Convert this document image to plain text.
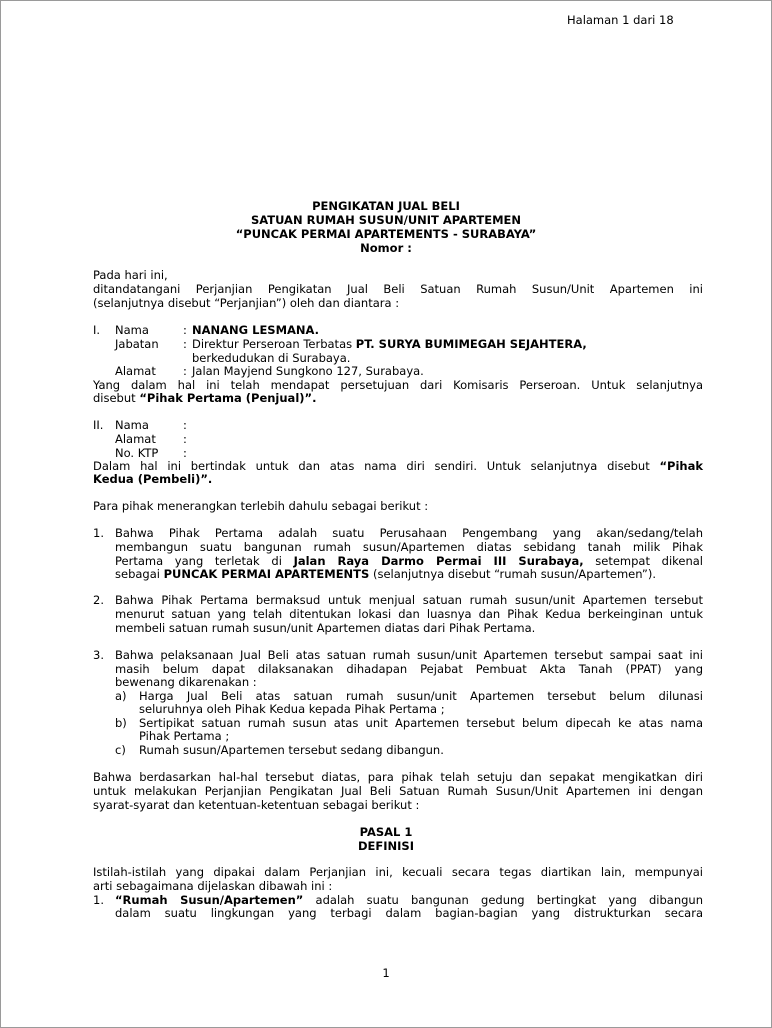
Halaman 1 dari 18
PENGIKATAN JUAL BELI
SATUAN RUMAH SUSUN/UNIT APARTEMEN
“PUNCAK PERMAI APARTEMENTS - SURABAYA”
Nomor :
Pada hari ini,
ditandatangani Perjanjian Pengikatan Jual Beli Satuan Rumah Susun/Unit Apartemen ini
(selanjutnya disebut “Perjanjian”) oleh dan diantara :
I. Nama	: NANANG LESMANA.
Jabatan : Direktur Perseroan Terbatas PT. SURYA BUMIMEGAH SEJAHTERA,
berkedudukan di Surabaya.
Alamat : Jalan Mayjend Sungkono 127, Surabaya.
Yang dalam hal ini telah mendapat persetujuan dari Komisaris Perseroan. Untuk selanjutnya
disebut “Pihak Pertama (Penjual)”.
II. Nama	:
Alamat :
No. KTP :
Dalam hal ini bertindak untuk dan atas nama diri sendiri. Untuk selanjutnya disebut “Pihak
Kedua (Pembeli)”.
Para pihak menerangkan terlebih dahulu sebagai berikut :
1. Bahwa Pihak Pertama adalah suatu Perusahaan Pengembang yang akan/sedang/telah
membangun suatu bangunan rumah susun/Apartemen diatas sebidang tanah milik Pihak
Pertama yang terletak di Jalan Raya Darmo Permai III Surabaya, setempat dikenal
sebagai PUNCAK PERMAI APARTEMENTS (selanjutnya disebut “rumah susun/Apartemen”).
2. Bahwa Pihak Pertama bermaksud untuk menjual satuan rumah susun/unit Apartemen tersebut
menurut satuan yang telah ditentukan lokasi dan luasnya dan Pihak Kedua berkeinginan untuk
membeli satuan rumah susun/unit Apartemen diatas dari Pihak Pertama.
3. Bahwa pelaksanaan Jual Beli atas satuan rumah susun/unit Apartemen tersebut sampai saat ini
masih belum dapat dilaksanakan dihadapan Pejabat Pembuat Akta Tanah (PPAT) yang
bewenang dikarenakan :
a) Harga Jual Beli atas satuan rumah susun/unit Apartemen tersebut belum dilunasi
seluruhnya oleh Pihak Kedua kepada Pihak Pertama ;
b) Sertipikat satuan rumah susun atas unit Apartemen tersebut belum dipecah ke atas nama
Pihak Pertama ;
c) Rumah susun/Apartemen tersebut sedang dibangun.
Bahwa berdasarkan hal-hal tersebut diatas, para pihak telah setuju dan sepakat mengikatkan diri
untuk melakukan Perjanjian Pengikatan Jual Beli Satuan Rumah Susun/Unit Apartemen ini dengan
syarat-syarat dan ketentuan-ketentuan sebagai berikut :
PASAL 1
DEFINISI
Istilah-istilah yang dipakai dalam Perjanjian ini, kecuali secara tegas diartikan lain, mempunyai
arti sebagaimana dijelaskan dibawah ini :
1. “Rumah Susun/Apartemen” adalah suatu bangunan gedung bertingkat yang dibangun
dalam suatu lingkungan yang terbagi dalam bagian-bagian yang distrukturkan secara
1
